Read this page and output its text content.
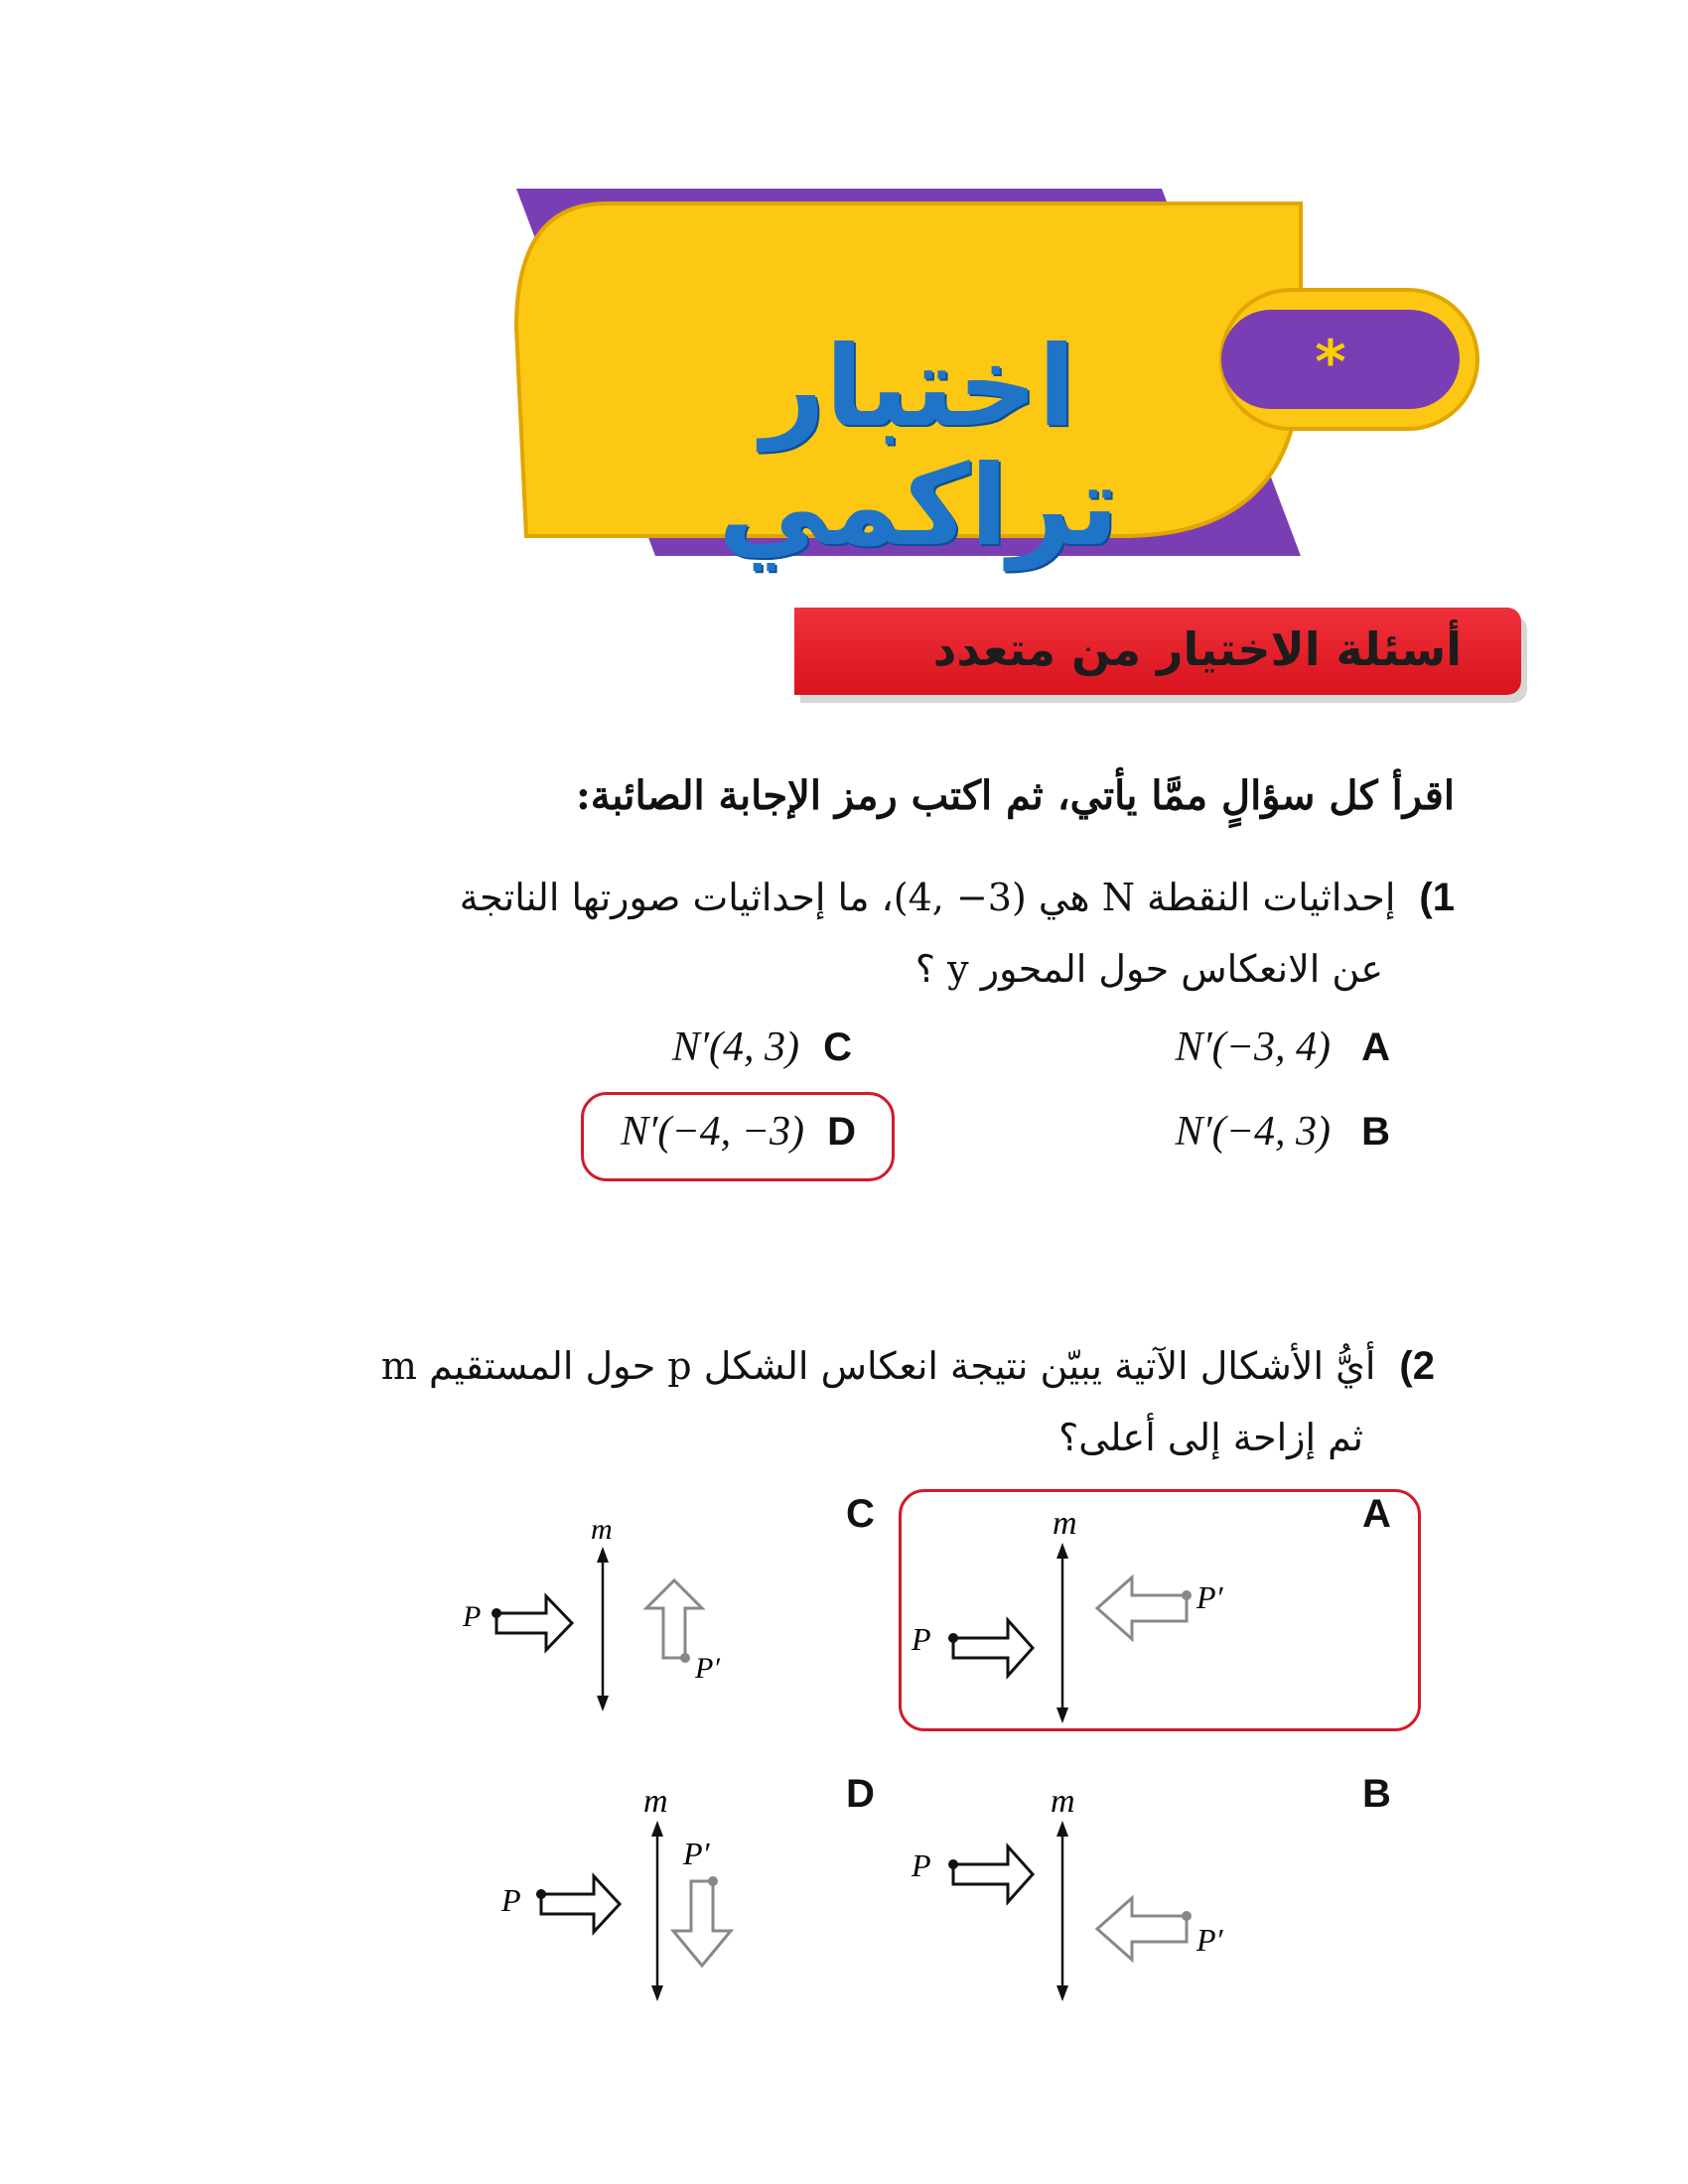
اختبار تراكمي
*
أسئلة الاختيار من متعدد
اقرأ كل سؤالٍ ممَّا يأتي، ثم اكتب رمز الإجابة الصائبة:
1)
إحداثيات النقطة N هي (3− ,4)، ما إحداثيات صورتها الناتجة
عن الانعكاس حول المحور y ؟
N′(−3, 4) A
N′(−4, 3) B
N′(4, 3) C
N′(−4, −3) D
2)
أيُّ الأشكال الآتية يبيّن نتيجة انعكاس الشكل p حول المستقيم m
ثم إزاحة إلى أعلى؟
A
C
B
D
m
P
P′
m
P
P′
m
P
P′
m
P
P′
